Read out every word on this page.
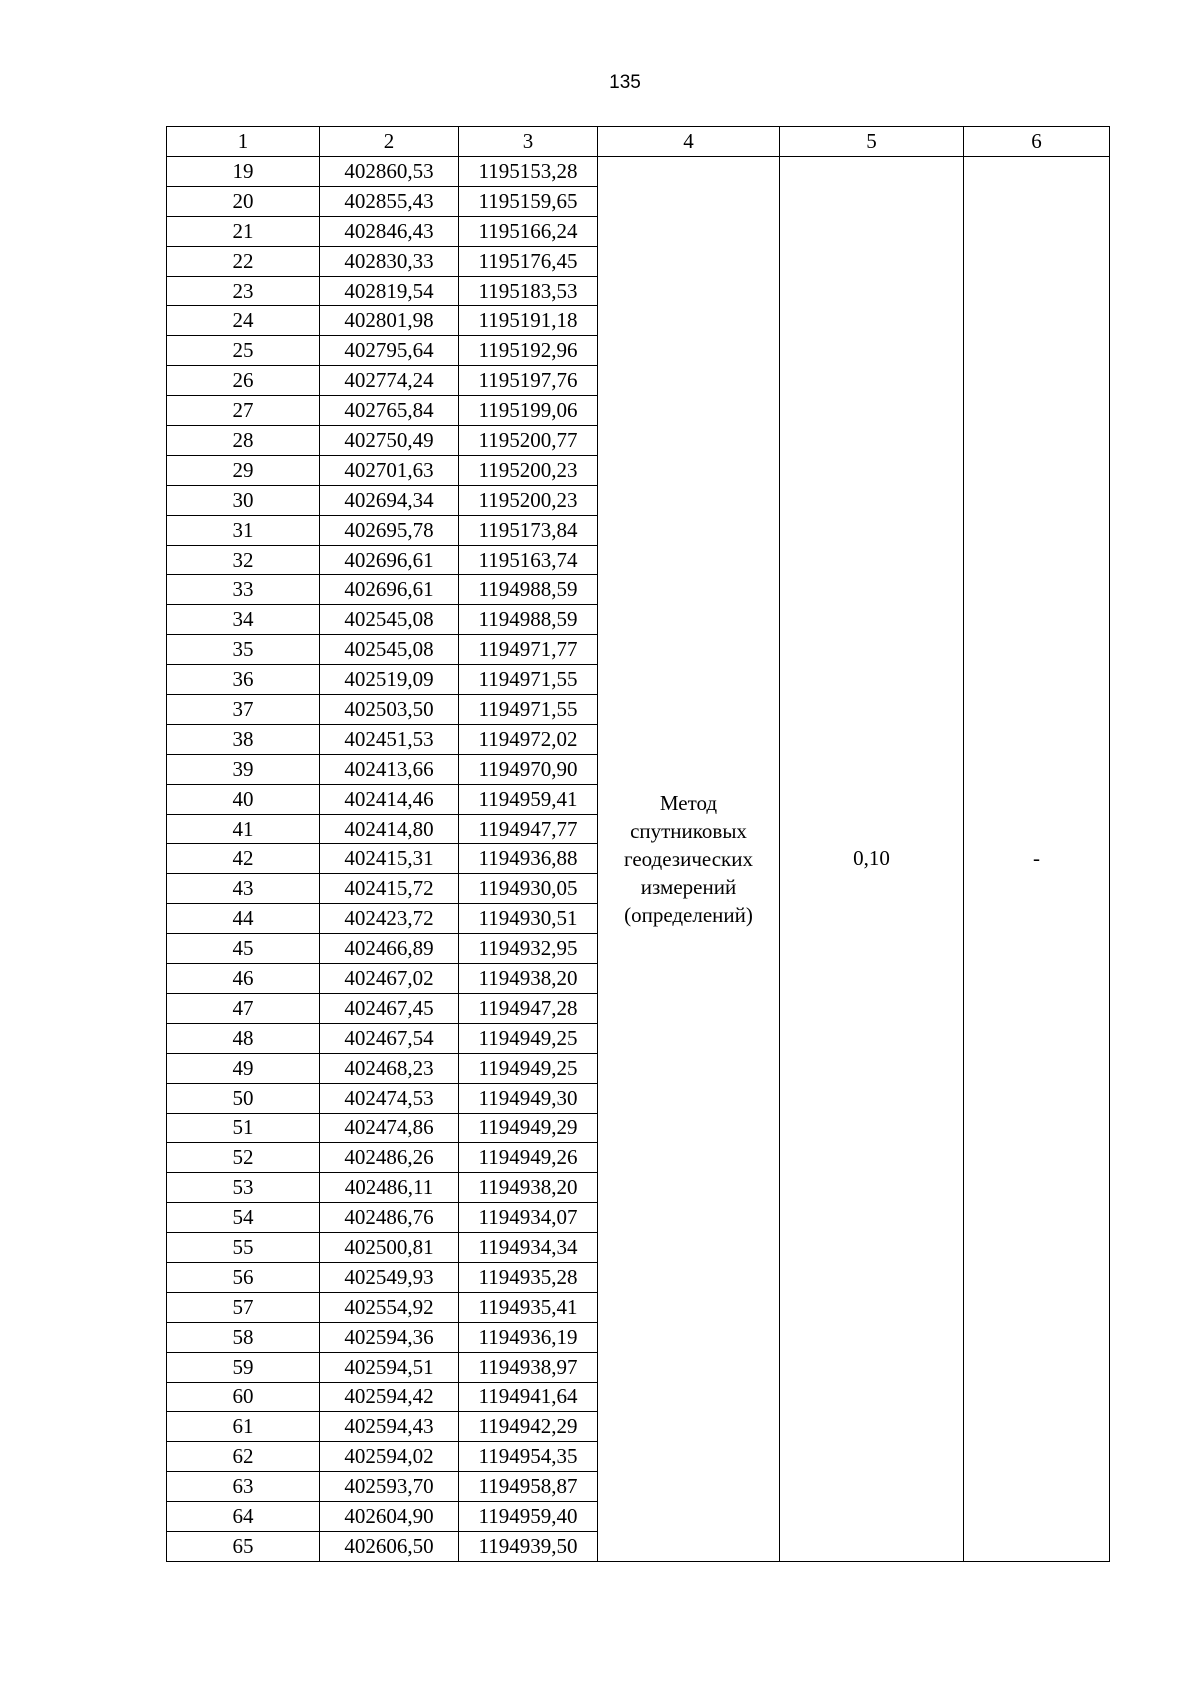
135
1	2	3	4	5	6
19	402860,53	1195153,28	Метод
спутниковых
геодезических
измерений
(определений)	0,10	-
20	402855,43	1195159,65			
21	402846,43	1195166,24			
22	402830,33	1195176,45			
23	402819,54	1195183,53			
24	402801,98	1195191,18			
25	402795,64	1195192,96			
26	402774,24	1195197,76			
27	402765,84	1195199,06			
28	402750,49	1195200,77			
29	402701,63	1195200,23			
30	402694,34	1195200,23			
31	402695,78	1195173,84			
32	402696,61	1195163,74			
33	402696,61	1194988,59			
34	402545,08	1194988,59			
35	402545,08	1194971,77			
36	402519,09	1194971,55			
37	402503,50	1194971,55			
38	402451,53	1194972,02			
39	402413,66	1194970,90			
40	402414,46	1194959,41			
41	402414,80	1194947,77			
42	402415,31	1194936,88			
43	402415,72	1194930,05			
44	402423,72	1194930,51			
45	402466,89	1194932,95			
46	402467,02	1194938,20			
47	402467,45	1194947,28			
48	402467,54	1194949,25			
49	402468,23	1194949,25			
50	402474,53	1194949,30			
51	402474,86	1194949,29			
52	402486,26	1194949,26			
53	402486,11	1194938,20			
54	402486,76	1194934,07			
55	402500,81	1194934,34			
56	402549,93	1194935,28			
57	402554,92	1194935,41			
58	402594,36	1194936,19			
59	402594,51	1194938,97			
60	402594,42	1194941,64			
61	402594,43	1194942,29			
62	402594,02	1194954,35			
63	402593,70	1194958,87			
64	402604,90	1194959,40			
65	402606,50	1194939,50			
